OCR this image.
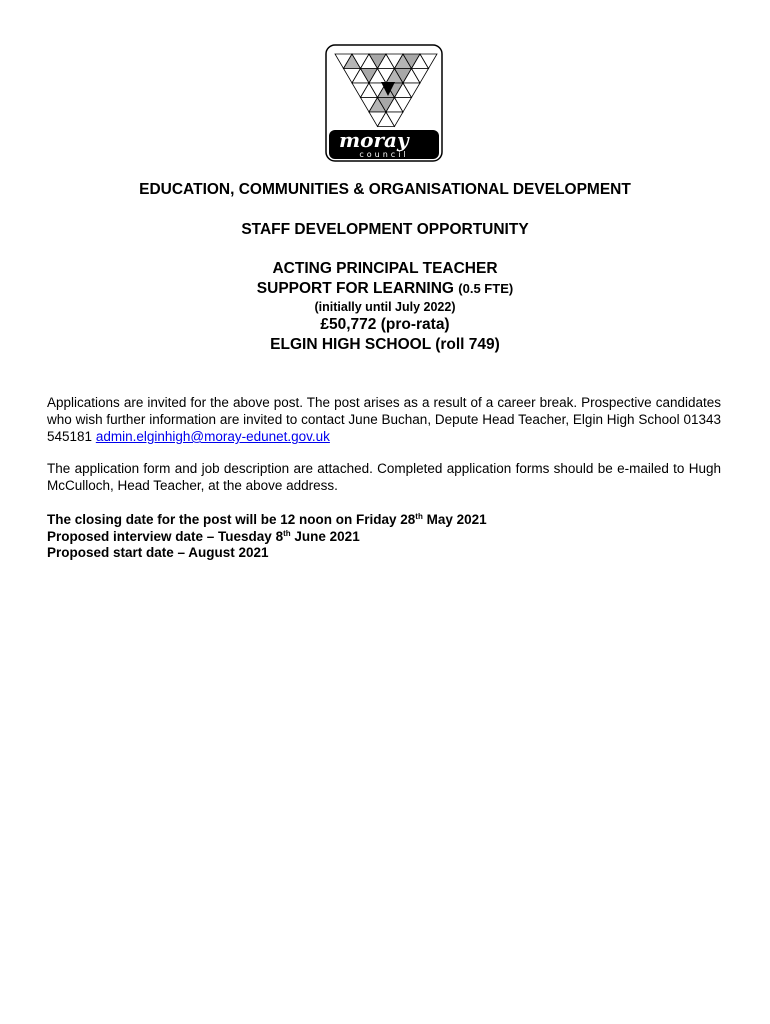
moray
council
EDUCATION, COMMUNITIES & ORGANISATIONAL DEVELOPMENT
STAFF DEVELOPMENT OPPORTUNITY
ACTING PRINCIPAL TEACHER
SUPPORT FOR LEARNING (0.5 FTE)
(initially until July 2022)
£50,772 (pro-rata)
ELGIN HIGH SCHOOL (roll 749)
Applications are invited for the above post. The post arises as a result of a career break. Prospective candidates who wish further information are invited to contact June Buchan, Depute Head Teacher, Elgin High School 01343 545181 admin.elginhigh@moray-edunet.gov.uk
The application form and job description are attached. Completed application forms should be e-mailed to Hugh McCulloch, Head Teacher, at the above address.
The closing date for the post will be 12 noon on Friday 28th May 2021
Proposed interview date – Tuesday 8th June 2021
Proposed start date – August 2021
